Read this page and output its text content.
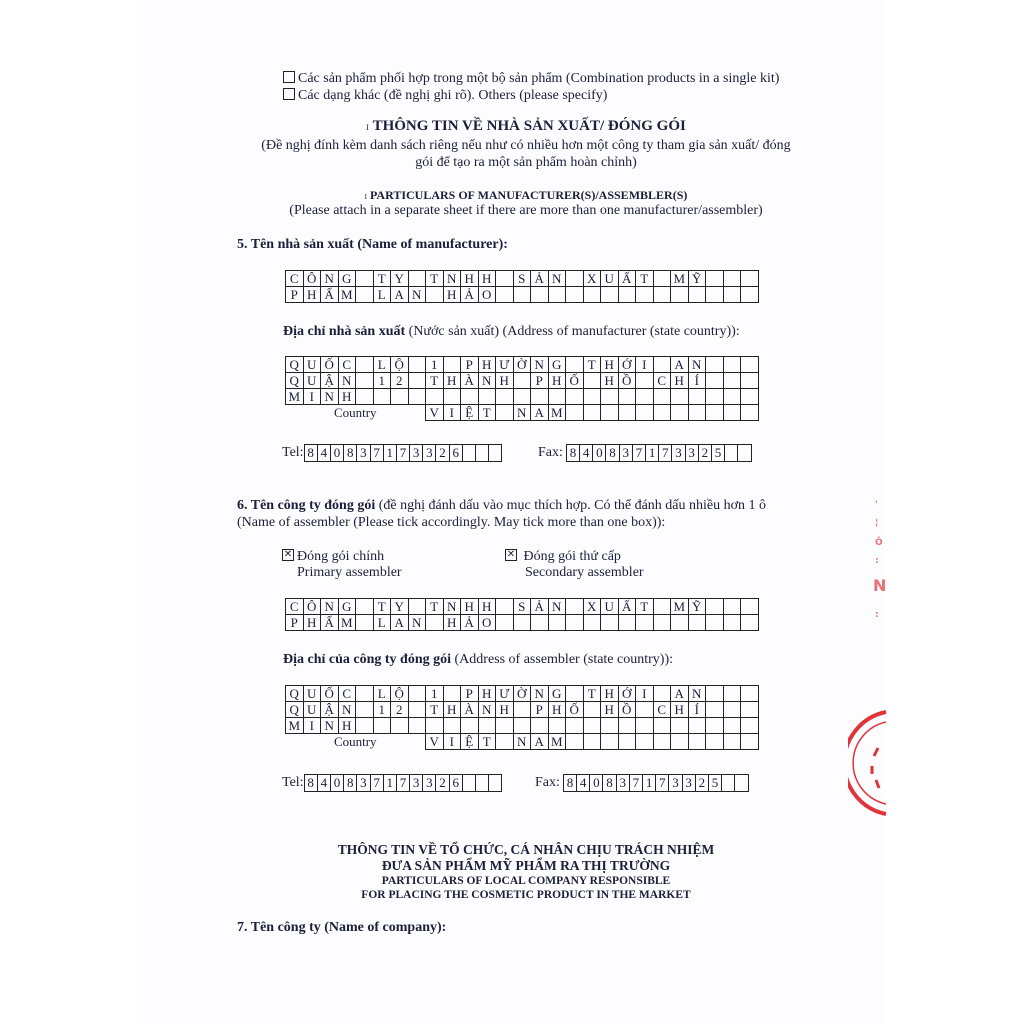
Các sản phẩm phối hợp trong một bộ sản phẩm (Combination products in a single kit)
Các dạng khác (đề nghị ghi rõ). Others (please specify)
I THÔNG TIN VỀ NHÀ SẢN XUẤT/ ĐÓNG GÓI
(Đề nghị đính kèm danh sách riêng nếu như có nhiều hơn một công ty tham gia sản xuất/ đóng
gói để tạo ra một sản phẩm hoàn chỉnh)
I PARTICULARS OF MANUFACTURER(S)/ASSEMBLER(S)
(Please attach in a separate sheet if there are more than one manufacturer/assembler)
5. Tên nhà sản xuất (Name of manufacturer):
C	Ô	N	G		T	Y		T	N	H	H		S	Ả	N		X	U	Ấ	T		M	Ỹ			
P	H	Ẩ	M		L	A	N		H	Ả	O															
Địa chỉ nhà sản xuất (Nước sản xuất) (Address of manufacturer (state country)):
Q	U	Ố	C		L	Ộ		1		P	H	Ư	Ờ	N	G		T	H	Ớ	I		A	N			
Q	U	Ậ	N		1	2		T	H	À	N	H		P	H	Ố		H	Ồ		C	H	Í			
M	I	N	H																							
Country								V	I	Ệ	T		N	A	M											
Tel: 8 4 0 8 3 7 1 7 3 3 2 6	Fax: 8 4 0 8 3 7 1 7 3 3 2 5
6. Tên công ty đóng gói (đề nghị đánh dấu vào mục thích hợp. Có thể đánh dấu nhiều hơn 1 ô
(Name of assembler (Please tick accordingly. May tick more than one box)):
✕Đóng gói chính
Primary assembler
✕ Đóng gói thứ cấp
Secondary assembler
C	Ô	N	G		T	Y		T	N	H	H		S	Ả	N		X	U	Ấ	T		M	Ỹ			
P	H	Ẩ	M		L	A	N		H	Ả	O															
Địa chỉ của công ty đóng gói (Address of assembler (state country)):
Q	U	Ố	C		L	Ộ		1		P	H	Ư	Ờ	N	G		T	H	Ớ	I		A	N			
Q	U	Ậ	N		1	2		T	H	À	N	H		P	H	Ố		H	Ồ		C	H	Í			
M	I	N	H																							
Country								V	I	Ệ	T		N	A	M											
Tel: 8 4 0 8 3 7 1 7 3 3 2 6	Fax: 8 4 0 8 3 7 1 7 3 3 2 5
THÔNG TIN VỀ TỔ CHỨC, CÁ NHÂN CHỊU TRÁCH NHIỆM
ĐƯA SẢN PHẨM MỸ PHẨM RA THỊ TRƯỜNG
PARTICULARS OF LOCAL COMPANY RESPONSIBLE
FOR PLACING THE COSMETIC PRODUCT IN THE MARKET
7. Tên công ty (Name of company):
'
¦
Ô
:
N
:
